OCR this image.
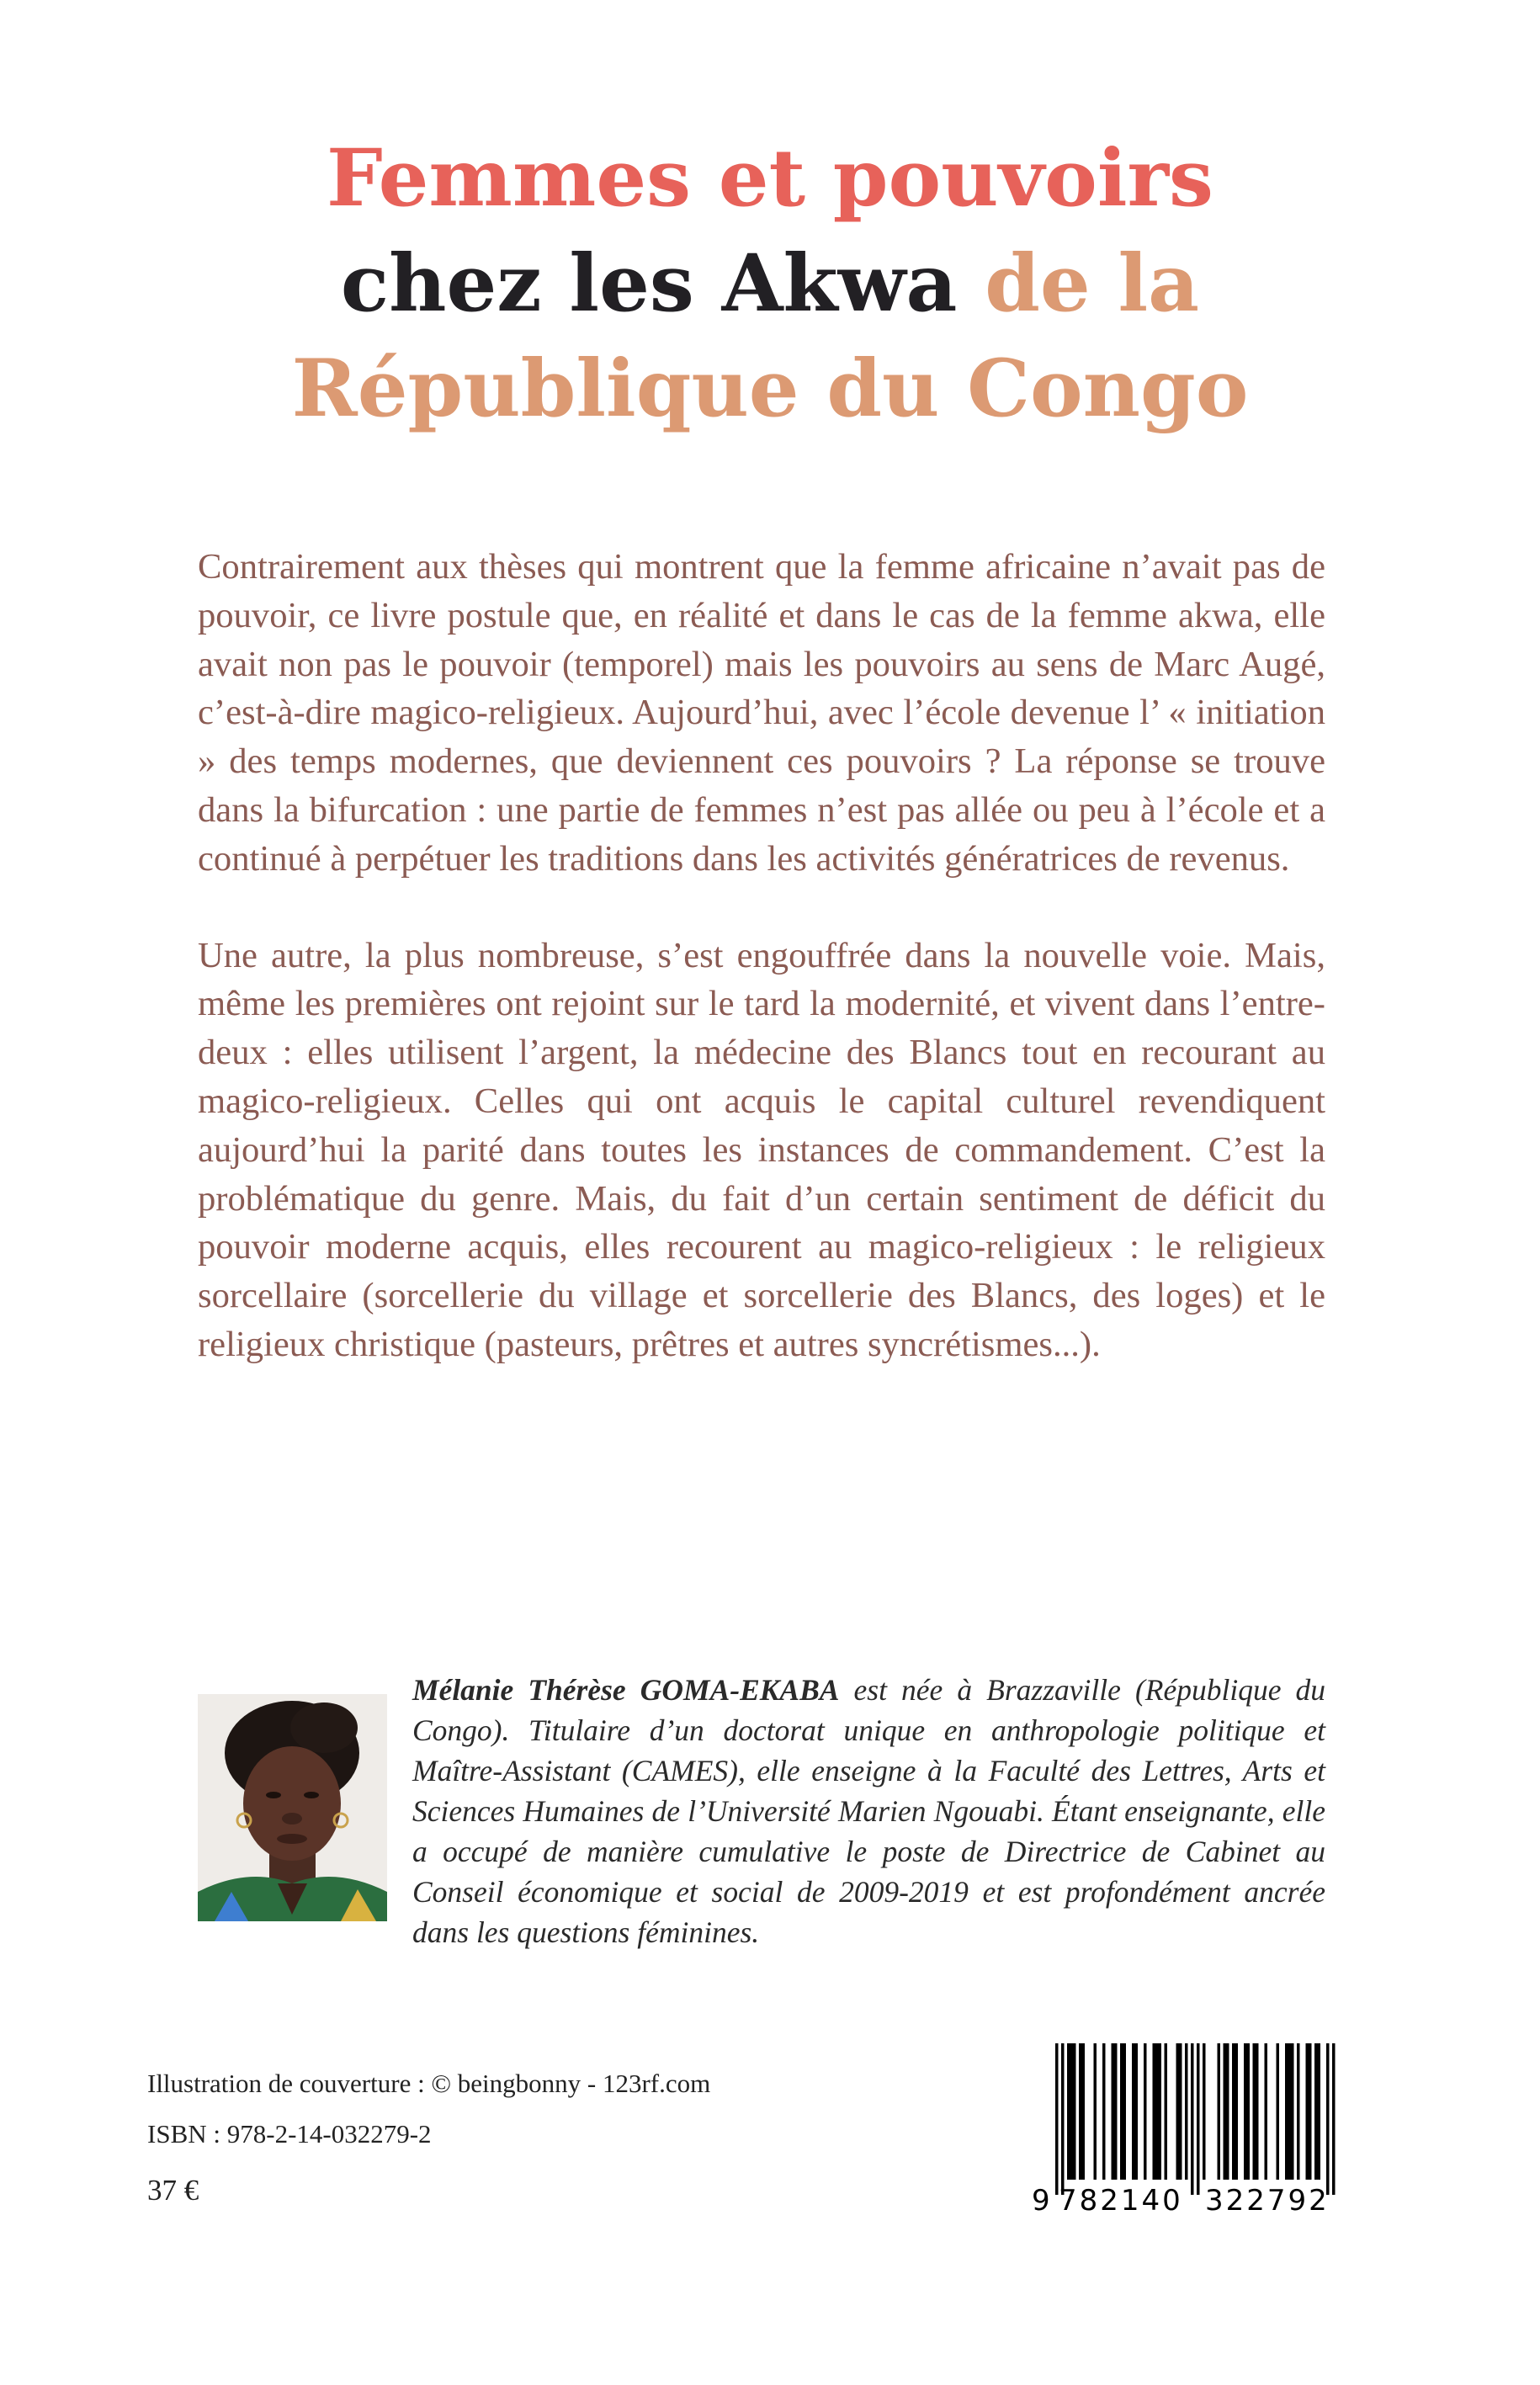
Femmes et pouvoirs
chez les Akwa de la
République du Congo

Contrairement aux thèses qui montrent que la femme africaine n’avait pas de pouvoir, ce livre postule que, en réalité et dans le cas de la femme akwa, elle avait non pas le pouvoir (temporel) mais les pouvoirs au sens de Marc Augé, c’est-à-dire magico-religieux. Aujourd’hui, avec l’école devenue l’ « initiation » des temps modernes, que deviennent ces pouvoirs ? La réponse se trouve dans la bifurcation : une partie de femmes n’est pas allée ou peu à l’école et a continué à perpétuer les traditions dans les activités génératrices de revenus.

Une autre, la plus nombreuse, s’est engouffrée dans la nouvelle voie. Mais, même les premières ont rejoint sur le tard la modernité, et vivent dans l’entre-deux : elles utilisent l’argent, la médecine des Blancs tout en recourant au magico-religieux. Celles qui ont acquis le capital culturel revendiquent aujourd’hui la parité dans toutes les instances de commandement. C’est la problématique du genre. Mais, du fait d’un certain sentiment de déficit du pouvoir moderne acquis, elles recourent au magico-religieux : le religieux sorcellaire (sorcellerie du village et sorcellerie des Blancs, des loges) et le religieux christique (pasteurs, prêtres et autres syncrétismes...).

Mélanie Thérèse GOMA-EKABA est née à Brazzaville (République du Congo). Titulaire d’un doctorat unique en anthropologie politique et Maître-Assistant (CAMES), elle enseigne à la Faculté des Lettres, Arts et Sciences Humaines de l’Université Marien Ngouabi. Étant enseignante, elle a occupé de manière cumulative le poste de Directrice de Cabinet au Conseil économique et social de 2009-2019 et est profondément ancrée dans les questions féminines.
Illustration de couverture : © beingbonny - 123rf.com
ISBN : 978-2-14-032279-2
37 €	9 782140 322792
